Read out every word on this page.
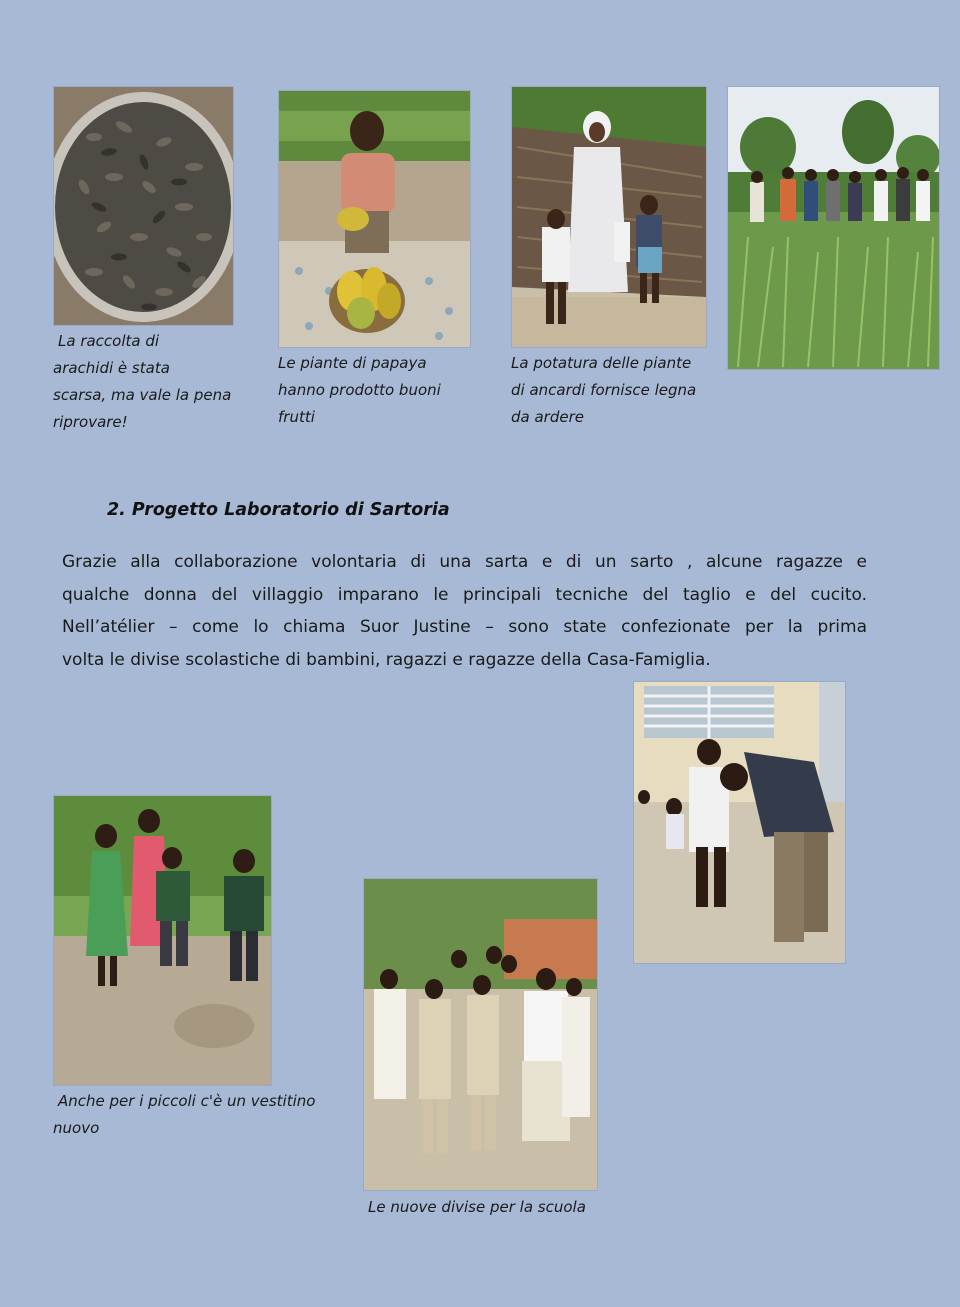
La raccolta di
arachidi è stata
scarsa, ma vale la pena
riprovare!
Le piante di papaya
hanno prodotto buoni
frutti
La potatura delle piante
di ancardi fornisce legna
da ardere
2. Progetto Laboratorio di Sartoria
Grazie alla collaborazione volontaria di una sarta e di un sarto , alcune ragazze e
qualche donna del villaggio imparano le principali tecniche del taglio e del cucito.
Nell’atélier – come lo chiama Suor Justine – sono state confezionate per la prima
volta le divise scolastiche di bambini, ragazzi e ragazze della Casa-Famiglia.
Anche per i piccoli c'è un vestitino
nuovo
Le nuove divise per la scuola
